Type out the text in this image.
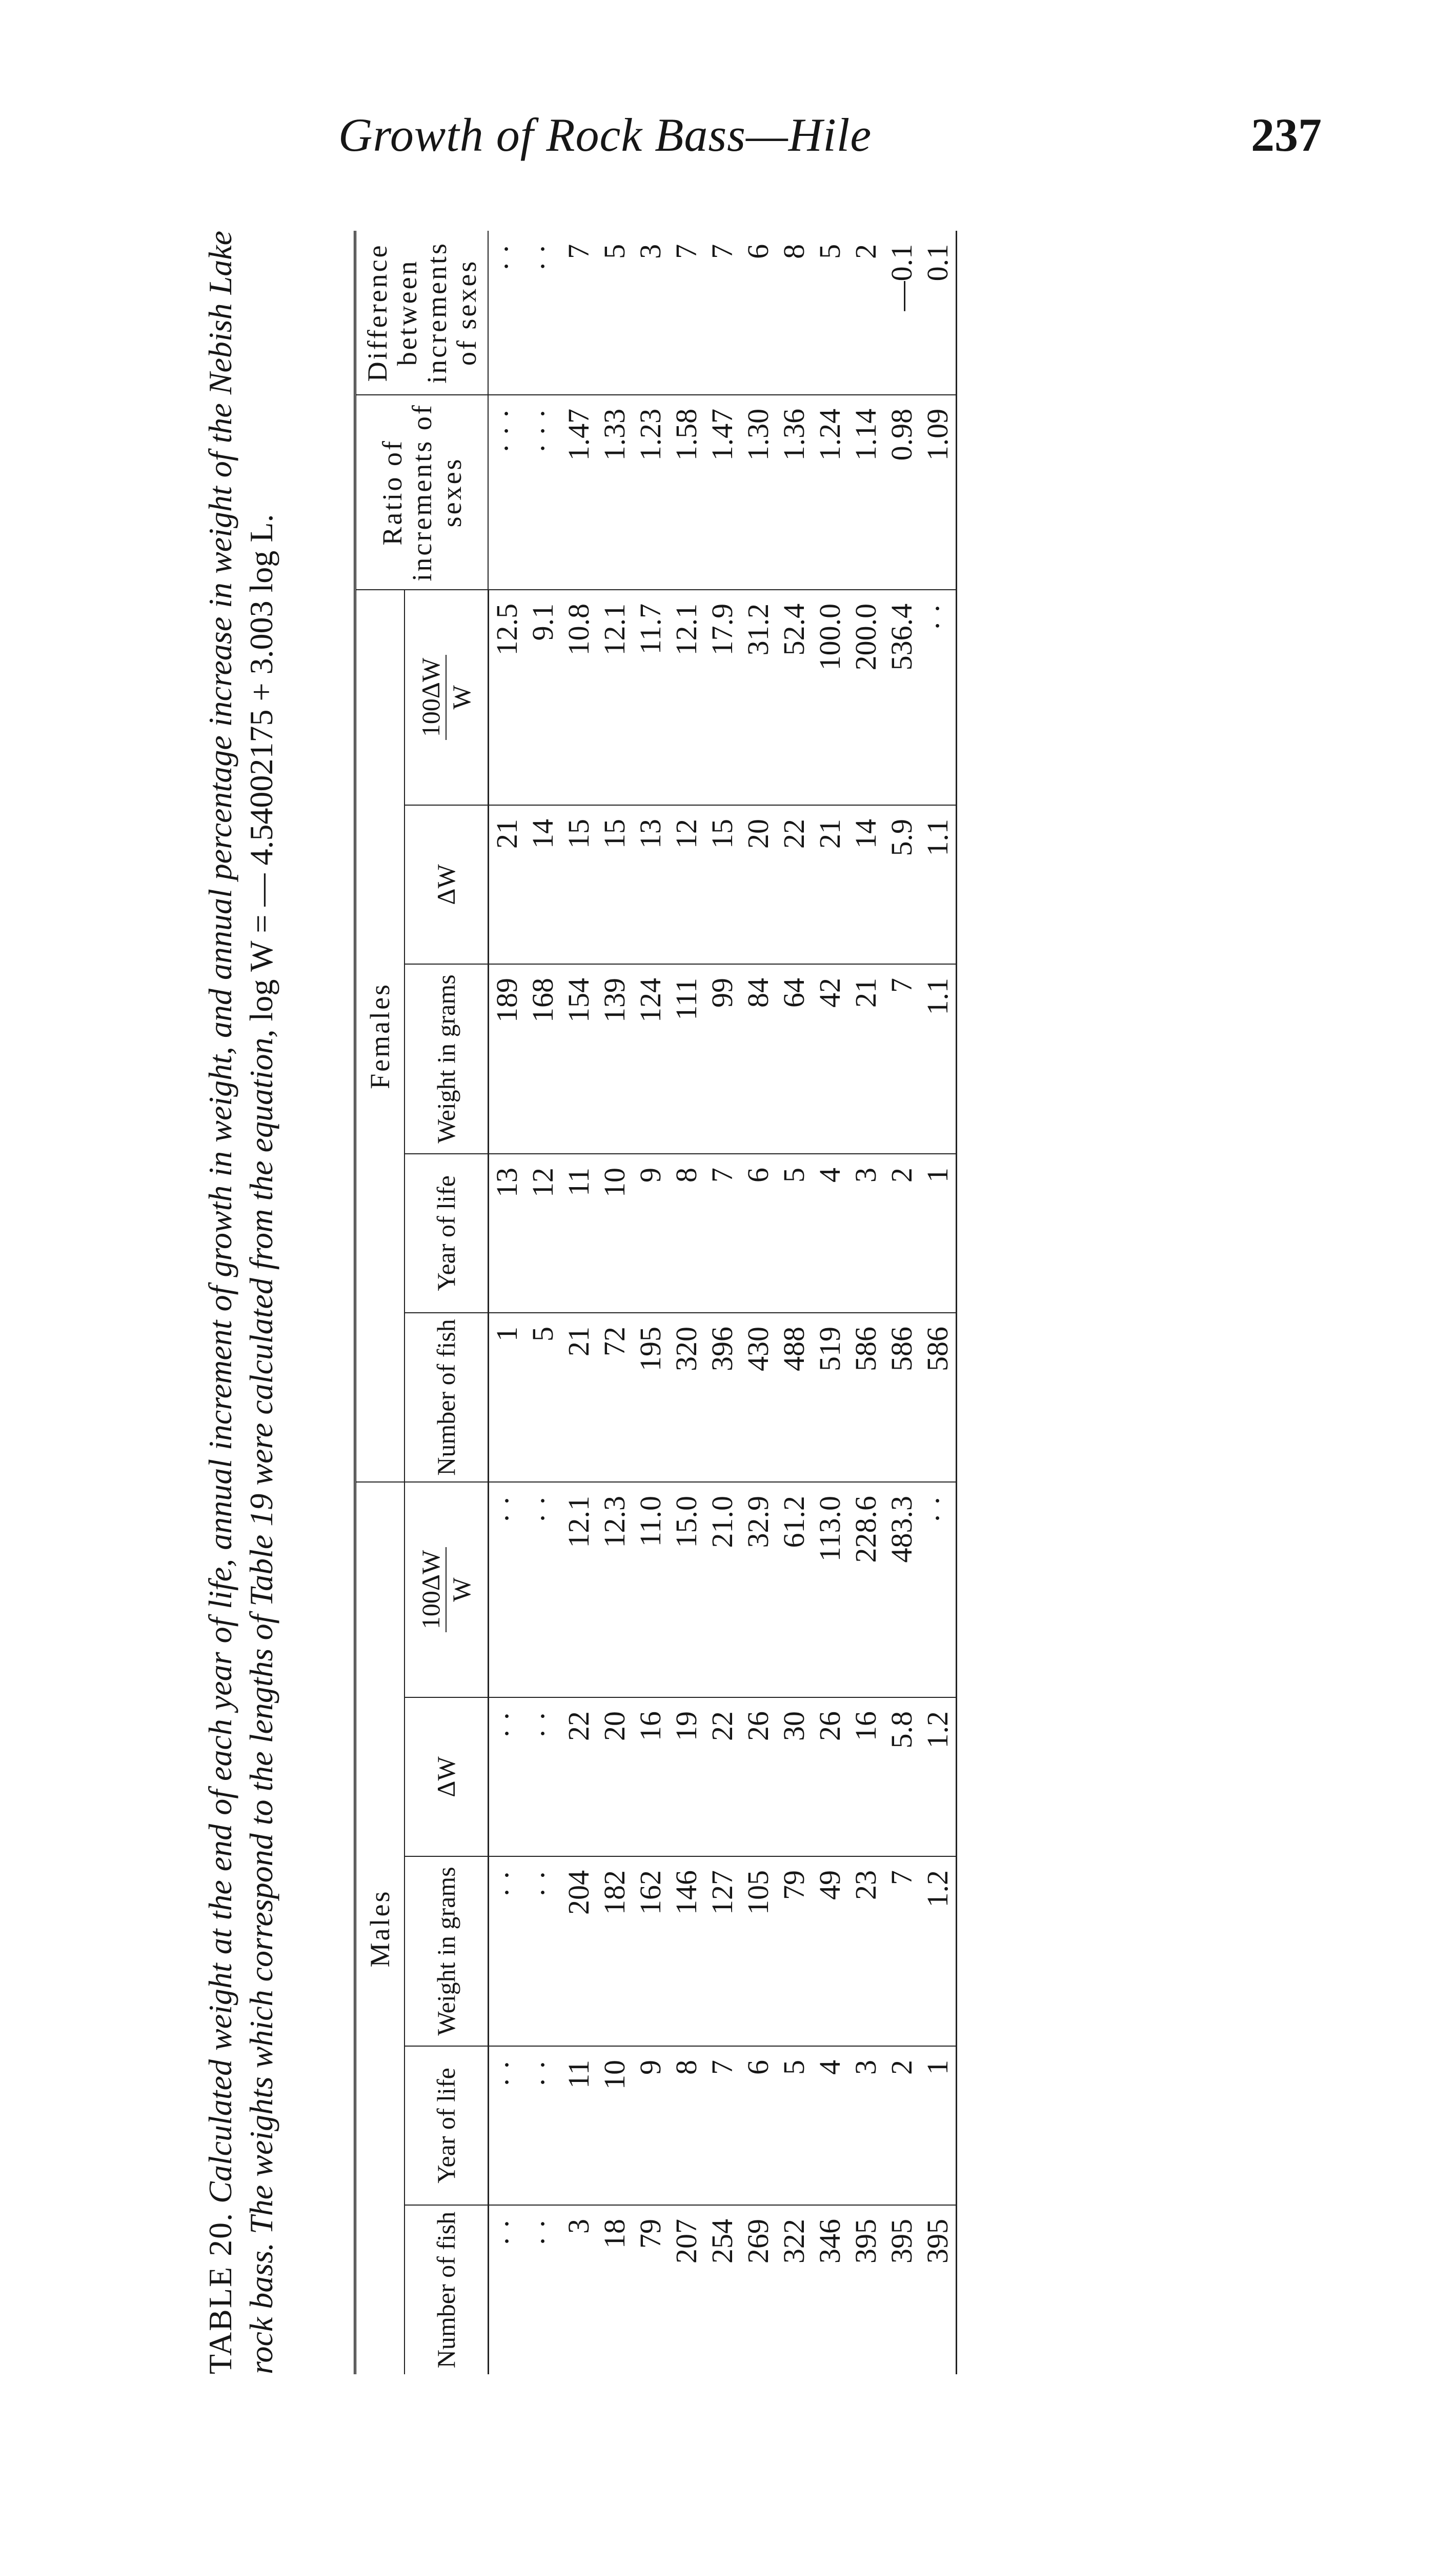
Growth of Rock Bass—Hile	237
TABLE 20. Calculated weight at the end of each year of life, annual increment of growth in weight, and annual percentage increase in weight of the Nebish Lake rock bass. The weights which correspond to the lengths of Table 19 were calculated from the equation, log W = — 4.54002175 + 3.003 log L.
Males					Females					Ratio of increments of sexes	Difference between increments of sexes
Number of fish	Year of life	Weight in grams	ΔW	100ΔW W	Number of fish	Year of life	Weight in grams	ΔW	100ΔW W		

· ·	· ·	· ·	· ·	· ·	1	13	189	21	12.5	· · ·	· ·
· ·	· ·	· ·	· ·	· ·	5	12	168	14	9.1	· · ·	· ·
3	11	204	22	12.1	21	11	154	15	10.8	1.47	7
18	10	182	20	12.3	72	10	139	15	12.1	1.33	5
79	9	162	16	11.0	195	9	124	13	11.7	1.23	3
207	8	146	19	15.0	320	8	111	12	12.1	1.58	7
254	7	127	22	21.0	396	7	99	15	17.9	1.47	7
269	6	105	26	32.9	430	6	84	20	31.2	1.30	6
322	5	79	30	61.2	488	5	64	22	52.4	1.36	8
346	4	49	26	113.0	519	4	42	21	100.0	1.24	5
395	3	23	16	228.6	586	3	21	14	200.0	1.14	2
395	2	7	5.8	483.3	586	2	7	5.9	536.4	0.98	—0.1
395	1	1.2	1.2	· ·	586	1	1.1	1.1	· ·	1.09	0.1
